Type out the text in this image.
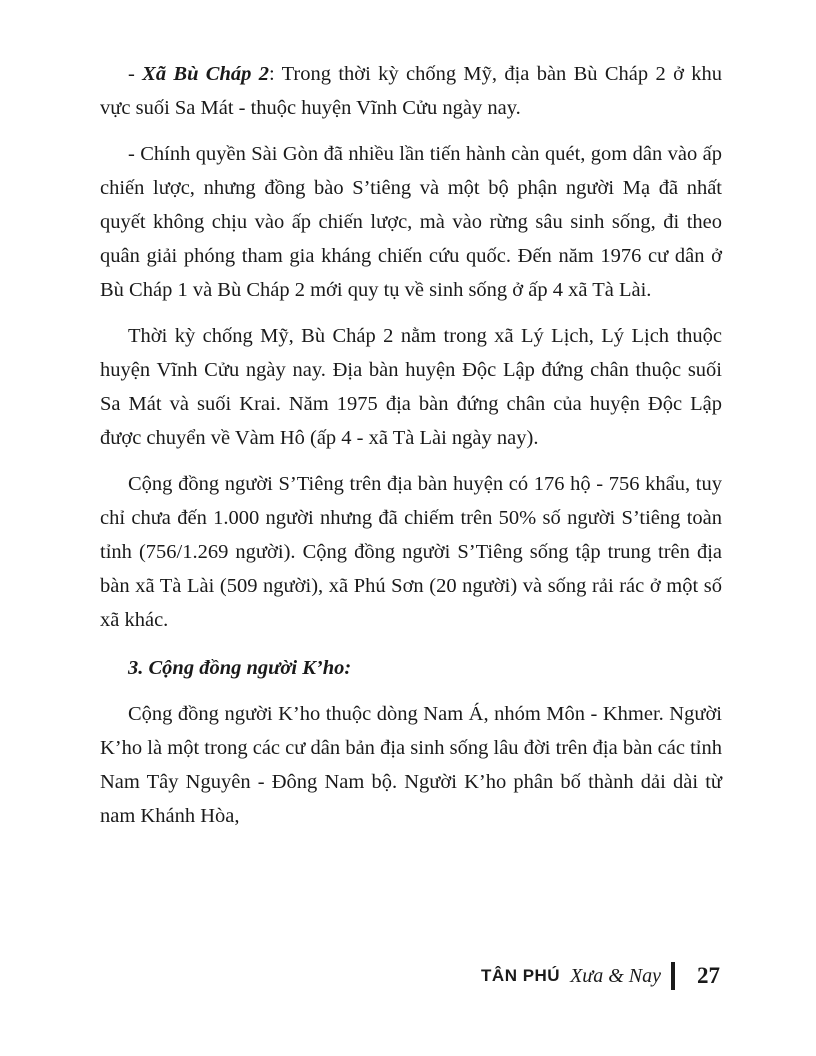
- Xã Bù Cháp 2: Trong thời kỳ chống Mỹ, địa bàn Bù Cháp 2 ở khu vực suối Sa Mát - thuộc huyện Vĩnh Cửu ngày nay.

- Chính quyền Sài Gòn đã nhiều lần tiến hành càn quét, gom dân vào ấp chiến lược, nhưng đồng bào S’tiêng và một bộ phận người Mạ đã nhất quyết không chịu vào ấp chiến lược, mà vào rừng sâu sinh sống, đi theo quân giải phóng tham gia kháng chiến cứu quốc. Đến năm 1976 cư dân ở Bù Cháp 1 và Bù Cháp 2 mới quy tụ về sinh sống ở ấp 4 xã Tà Lài.

Thời kỳ chống Mỹ, Bù Cháp 2 nằm trong xã Lý Lịch, Lý Lịch thuộc huyện Vĩnh Cửu ngày nay. Địa bàn huyện Độc Lập đứng chân thuộc suối Sa Mát và suối Krai. Năm 1975 địa bàn đứng chân của huyện Độc Lập được chuyển về Vàm Hô (ấp 4 - xã Tà Lài ngày nay).

Cộng đồng người S’Tiêng trên địa bàn huyện có 176 hộ - 756 khẩu, tuy chỉ chưa đến 1.000 người nhưng đã chiếm trên 50% số người S’tiêng toàn tỉnh (756/1.269 người). Cộng đồng người S’Tiêng sống tập trung trên địa bàn xã Tà Lài (509 người), xã Phú Sơn (20 người) và sống rải rác ở một số xã khác.

3. Cộng đồng người K’ho:

Cộng đồng người K’ho thuộc dòng Nam Á, nhóm Môn - Khmer. Người K’ho là một trong các cư dân bản địa sinh sống lâu đời trên địa bàn các tỉnh Nam Tây Nguyên - Đông Nam bộ. Người K’ho phân bố thành dải dài từ nam Khánh Hòa,

TÂN PHÚ Xưa & Nay 27
